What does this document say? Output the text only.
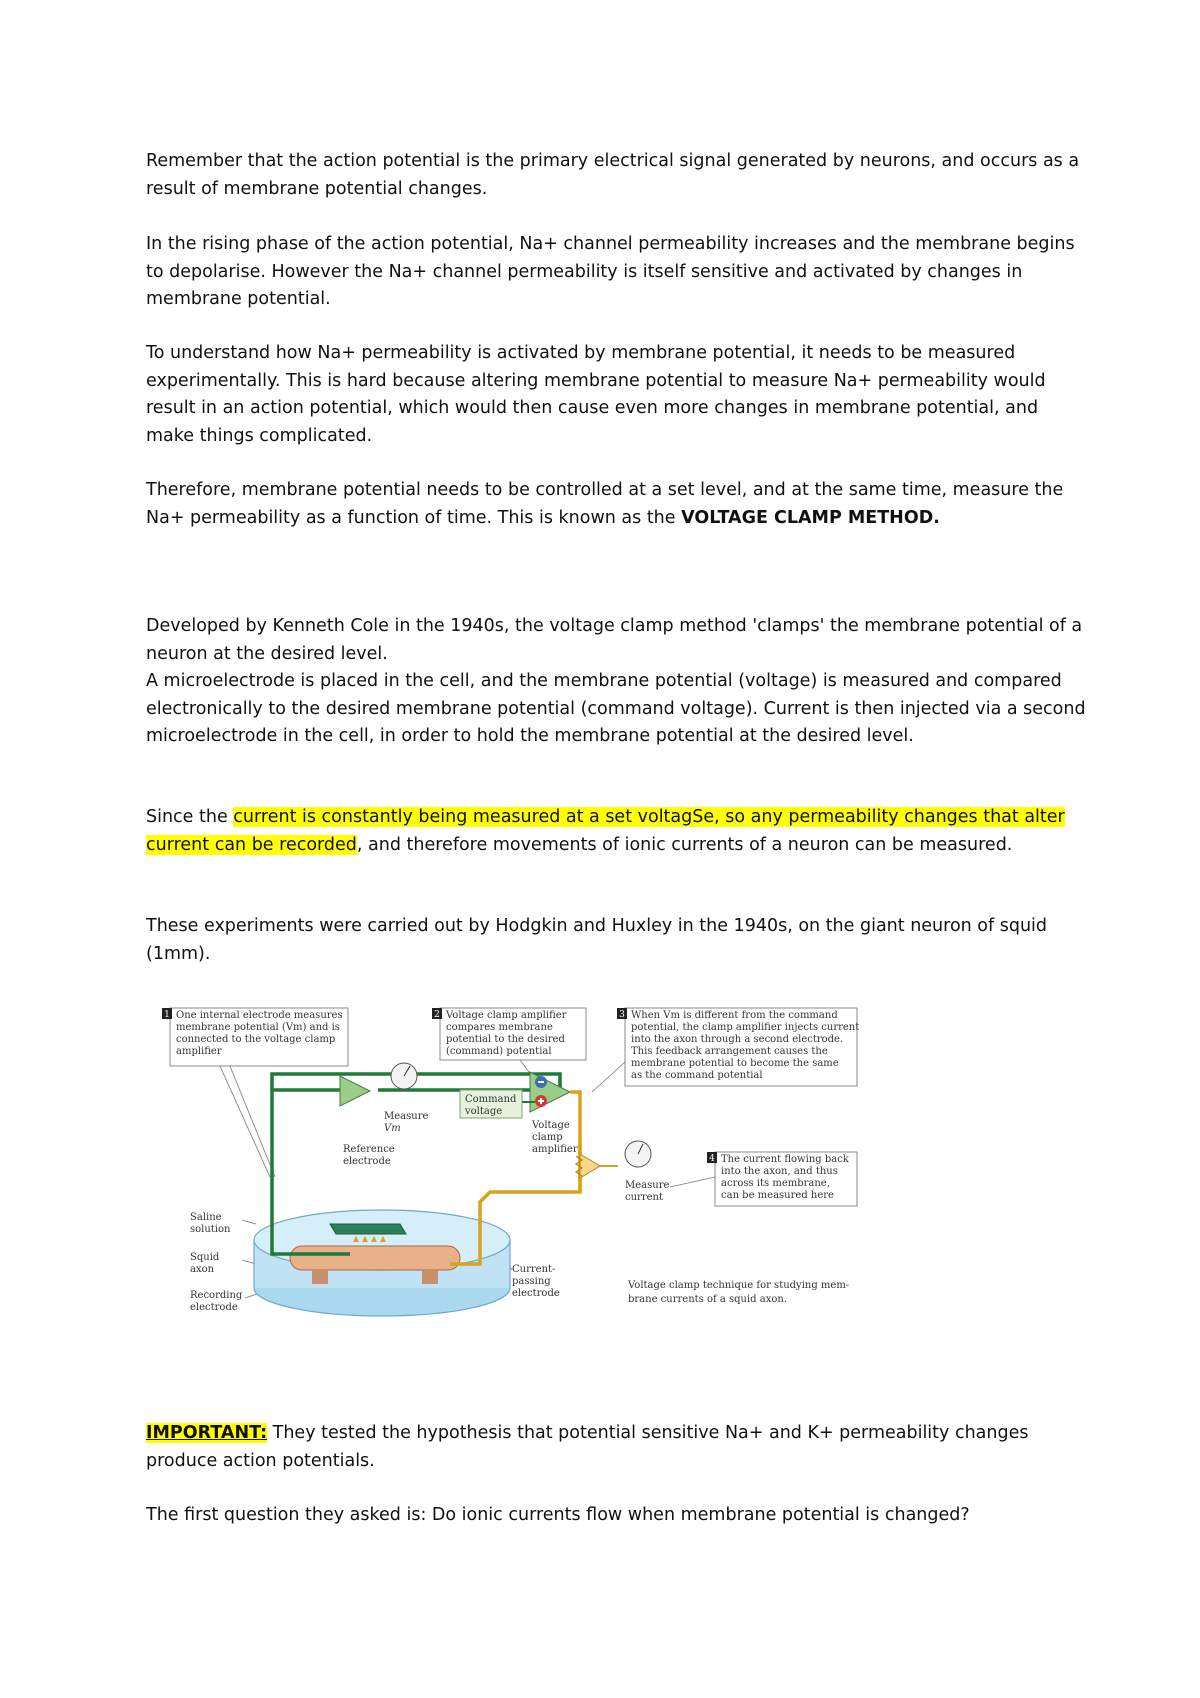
Remember that the action potential is the primary electrical signal generated by neurons, and occurs as a result of membrane potential changes.

In the rising phase of the action potential, Na+ channel permeability increases and the membrane begins to depolarise. However the Na+ channel permeability is itself sensitive and activated by changes in membrane potential.

To understand how Na+ permeability is activated by membrane potential, it needs to be measured experimentally. This is hard because altering membrane potential to measure Na+ permeability would result in an action potential, which would then cause even more changes in membrane potential, and make things complicated.

Therefore, membrane potential needs to be controlled at a set level, and at the same time, measure the Na+ permeability as a function of time. This is known as the VOLTAGE CLAMP METHOD.

Developed by Kenneth Cole in the 1940s, the voltage clamp method 'clamps' the membrane potential of a neuron at the desired level.

A microelectrode is placed in the cell, and the membrane potential (voltage) is measured and compared electronically to the desired membrane potential (command voltage). Current is then injected via a second microelectrode in the cell, in order to hold the membrane potential at the desired level.

Since the current is constantly being measured at a set voltagSe, so any permeability changes that alter current can be recorded, and therefore movements of ionic currents of a neuron can be measured.

These experiments were carried out by Hodgkin and Huxley in the 1940s, on the giant neuron of squid (1mm).

1 One internal electrode measures
membrane potential (Vm) and is
connected to the voltage clamp
amplifier
2 Voltage clamp amplifier
compares membrane
potential to the desired
(command) potential
3 When Vm is different from the command
potential, the clamp amplifier injects current
into the axon through a second electrode.
This feedback arrangement causes the
membrane potential to become the same
as the command potential
4 The current flowing back
into the axon, and thus
across its membrane,
can be measured here
Command
voltage
Measure
Vm	Voltage
clamp
amplifier
Reference
electrode
Measure
current
Saline
solution
Squid
axon
Recording
electrode
Current-
passing
electrode
Voltage clamp technique for studying mem-
brane currents of a squid axon.

IMPORTANT: They tested the hypothesis that potential sensitive Na+ and K+ permeability changes produce action potentials.

The first question they asked is: Do ionic currents flow when membrane potential is changed?
